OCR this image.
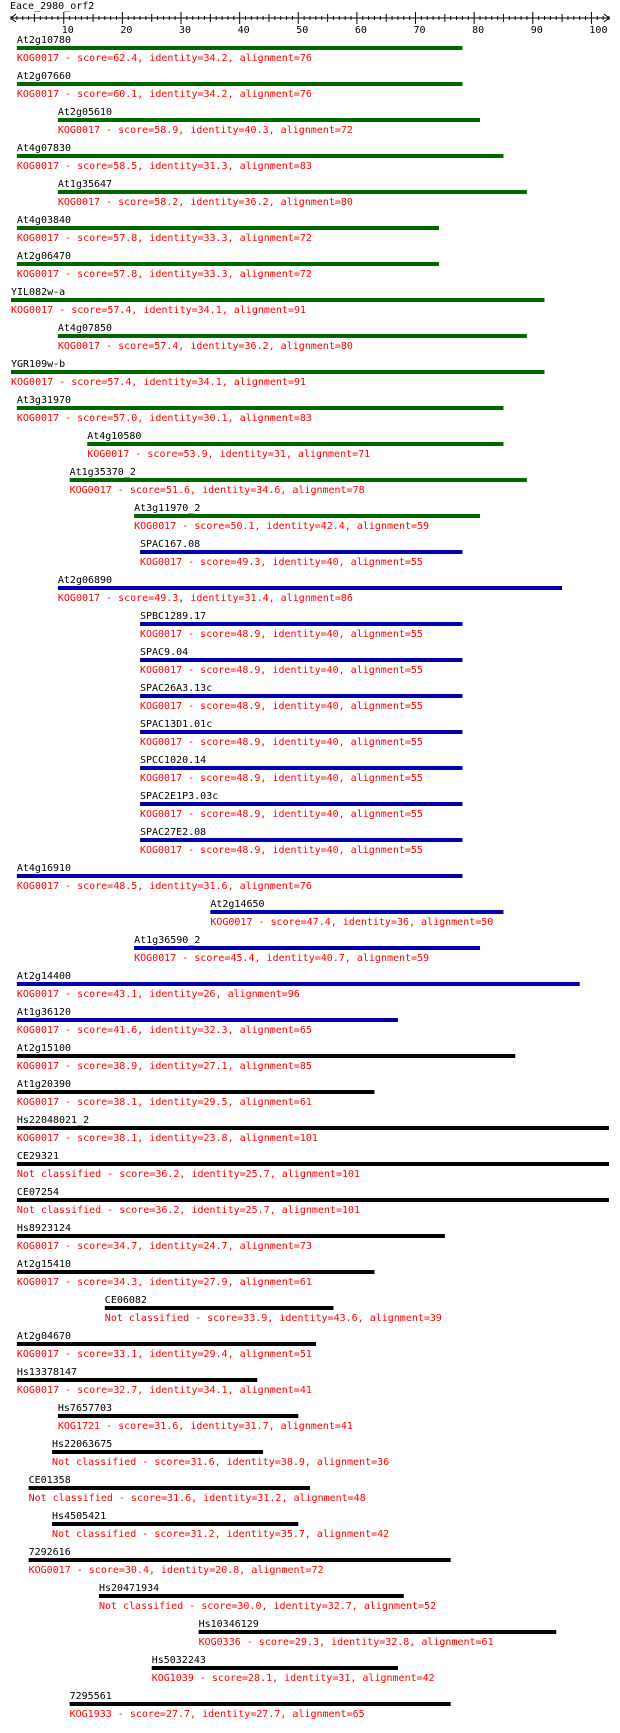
Eace_2980_orf2
10	20	30	40	50	60	70	80	90	100
At2g10780
KOG0017 - score=62.4, identity=34.2, alignment=76
At2g07660
KOG0017 - score=60.1, identity=34.2, alignment=76
At2g05610
KOG0017 - score=58.9, identity=40.3, alignment=72
At4g07830
KOG0017 - score=58.5, identity=31.3, alignment=83
At1g35647
KOG0017 - score=58.2, identity=36.2, alignment=80
At4g03840
KOG0017 - score=57.8, identity=33.3, alignment=72
At2g06470
KOG0017 - score=57.8, identity=33.3, alignment=72
YIL082w-a
KOG0017 - score=57.4, identity=34.1, alignment=91
At4g07850
KOG0017 - score=57.4, identity=36.2, alignment=80
YGR109w-b
KOG0017 - score=57.4, identity=34.1, alignment=91
At3g31970
KOG0017 - score=57.0, identity=30.1, alignment=83
At4g10580
KOG0017 - score=53.9, identity=31, alignment=71
At1g35370_2
KOG0017 - score=51.6, identity=34.6, alignment=78
At3g11970_2
KOG0017 - score=50.1, identity=42.4, alignment=59
SPAC167.08
KOG0017 - score=49.3, identity=40, alignment=55
At2g06890
KOG0017 - score=49.3, identity=31.4, alignment=86
SPBC1289.17
KOG0017 - score=48.9, identity=40, alignment=55
SPAC9.04
KOG0017 - score=48.9, identity=40, alignment=55
SPAC26A3.13c
KOG0017 - score=48.9, identity=40, alignment=55
SPAC13D1.01c
KOG0017 - score=48.9, identity=40, alignment=55
SPCC1020.14
KOG0017 - score=48.9, identity=40, alignment=55
SPAC2E1P3.03c
KOG0017 - score=48.9, identity=40, alignment=55
SPAC27E2.08
KOG0017 - score=48.9, identity=40, alignment=55
At4g16910
KOG0017 - score=48.5, identity=31.6, alignment=76
At2g14650
KOG0017 - score=47.4, identity=36, alignment=50
At1g36590_2
KOG0017 - score=45.4, identity=40.7, alignment=59
At2g14400
KOG0017 - score=43.1, identity=26, alignment=96
At1g36120
KOG0017 - score=41.6, identity=32.3, alignment=65
At2g15100
KOG0017 - score=38.9, identity=27.1, alignment=85
At1g20390
KOG0017 - score=38.1, identity=29.5, alignment=61
Hs22048021_2
KOG0017 - score=38.1, identity=23.8, alignment=101
CE29321
Not classified - score=36.2, identity=25.7, alignment=101
CE07254
Not classified - score=36.2, identity=25.7, alignment=101
Hs8923124
KOG0017 - score=34.7, identity=24.7, alignment=73
At2g15410
KOG0017 - score=34.3, identity=27.9, alignment=61
CE06082
Not classified - score=33.9, identity=43.6, alignment=39
At2g04670
KOG0017 - score=33.1, identity=29.4, alignment=51
Hs13378147
KOG0017 - score=32.7, identity=34.1, alignment=41
Hs7657703
KOG1721 - score=31.6, identity=31.7, alignment=41
Hs22063675
Not classified - score=31.6, identity=38.9, alignment=36
CE01358
Not classified - score=31.6, identity=31.2, alignment=48
Hs4505421
Not classified - score=31.2, identity=35.7, alignment=42
7292616
KOG0017 - score=30.4, identity=20.8, alignment=72
Hs20471934
Not classified - score=30.0, identity=32.7, alignment=52
Hs10346129
KOG0336 - score=29.3, identity=32.8, alignment=61
Hs5032243
KOG1039 - score=28.1, identity=31, alignment=42
7295561
KOG1933 - score=27.7, identity=27.7, alignment=65
